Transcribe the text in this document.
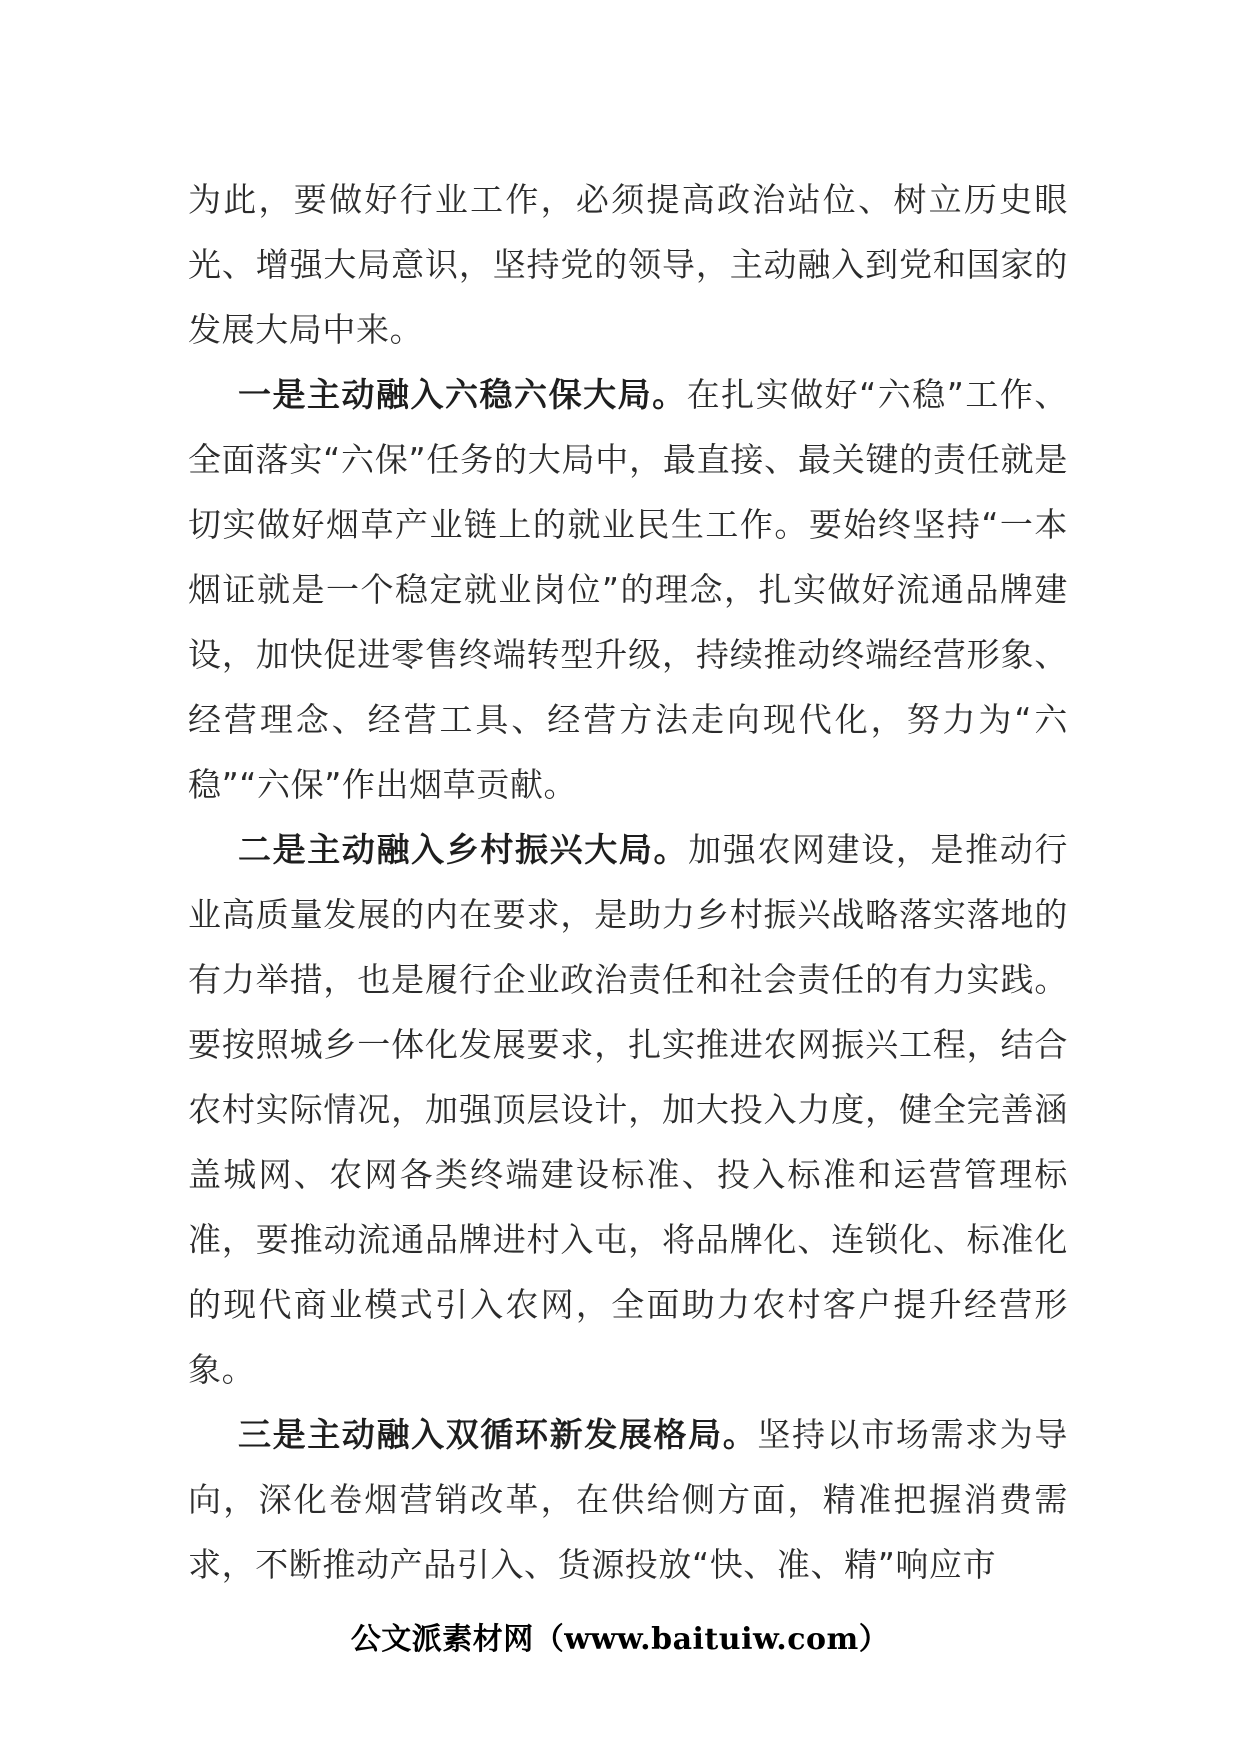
为此，要做好行业工作，必须提高政治站位、树立历史眼光、增强大局意识，坚持党的领导，主动融入到党和国家的发展大局中来。

一是主动融入六稳六保大局。在扎实做好“六稳”工作、全面落实“六保”任务的大局中，最直接、最关键的责任就是切实做好烟草产业链上的就业民生工作。要始终坚持“一本烟证就是一个稳定就业岗位”的理念，扎实做好流通品牌建设，加快促进零售终端转型升级，持续推动终端经营形象、经营理念、经营工具、经营方法走向现代化，努力为“六稳”“六保”作出烟草贡献。

二是主动融入乡村振兴大局。加强农网建设，是推动行业高质量发展的内在要求，是助力乡村振兴战略落实落地的有力举措，也是履行企业政治责任和社会责任的有力实践。要按照城乡一体化发展要求，扎实推进农网振兴工程，结合农村实际情况，加强顶层设计，加大投入力度，健全完善涵盖城网、农网各类终端建设标准、投入标准和运营管理标准，要推动流通品牌进村入屯，将品牌化、连锁化、标准化的现代商业模式引入农网，全面助力农村客户提升经营形象。

三是主动融入双循环新发展格局。坚持以市场需求为导向，深化卷烟营销改革，在供给侧方面，精准把握消费需求，不断推动产品引入、货源投放“快、准、精”响应市

公文派素材网（www.baituiw.com）
